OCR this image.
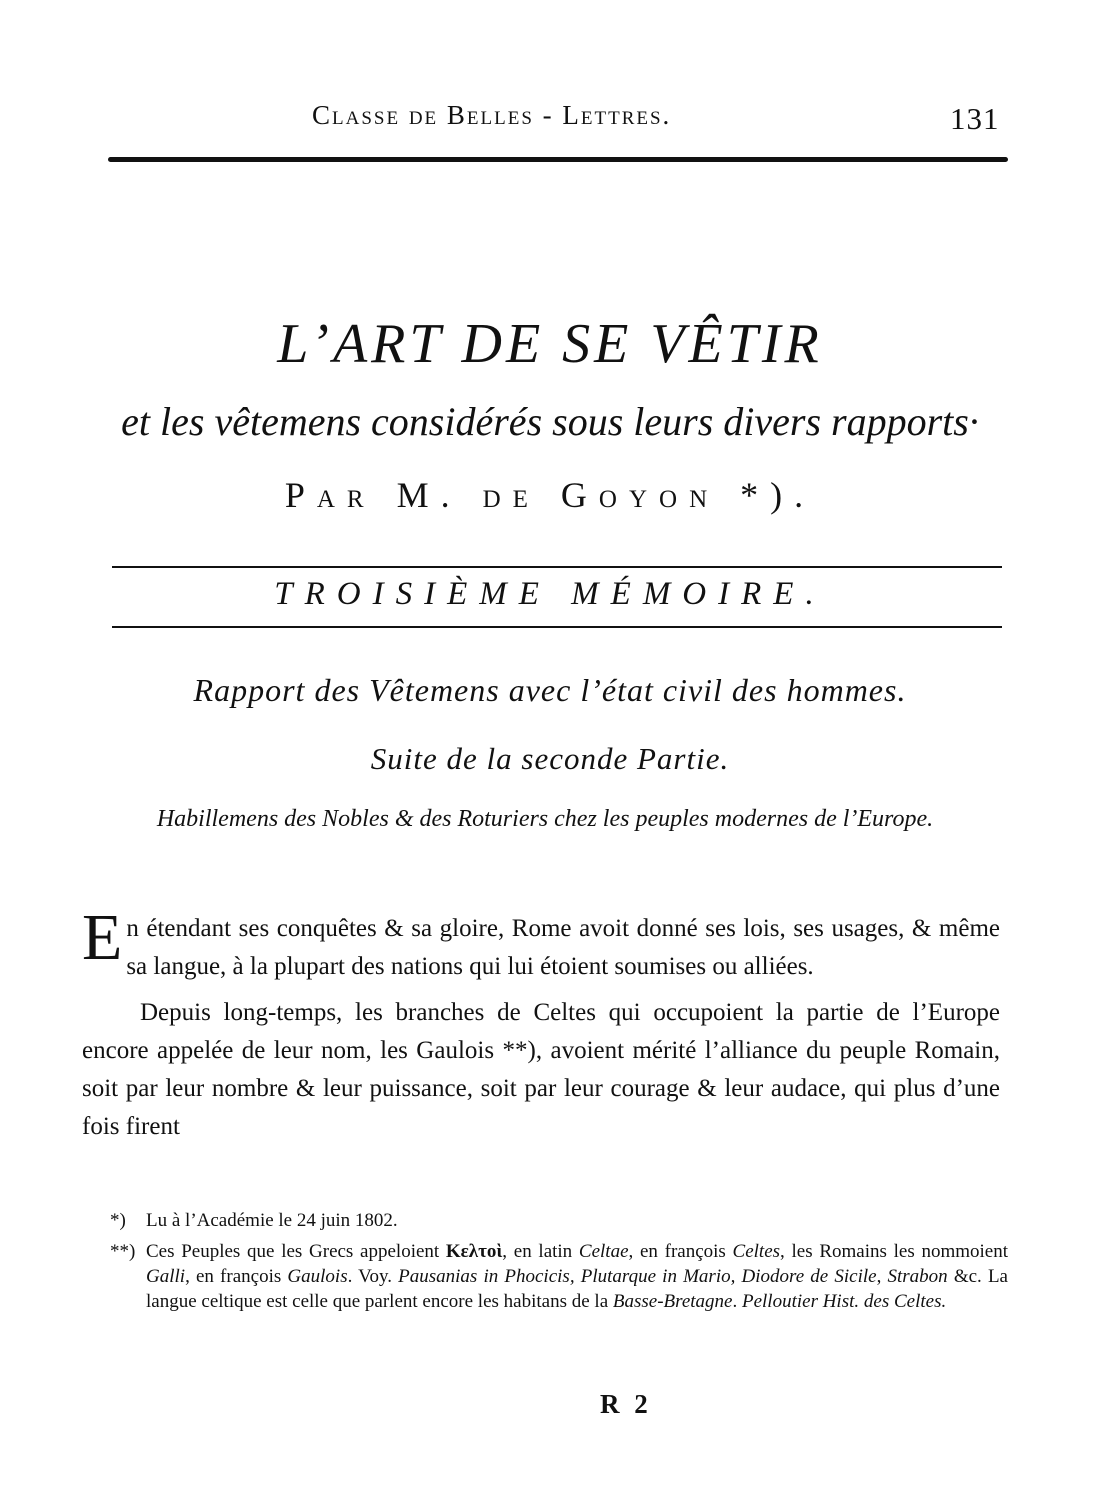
Classe de Belles - Lettres.	131
L’ART DE SE VÊTIR
et les vêtemens considérés sous leurs divers rapports·
Par M. de Goyon *).
TROISIÈME MÉMOIRE.
Rapport des Vêtemens avec l’état civil des hommes.
Suite de la seconde Partie.
Habillemens des Nobles & des Roturiers chez les peuples modernes de l’Europe.

En étendant ses conquêtes & sa gloire, Rome avoit donné ses lois, ses usages, & même sa langue, à la plupart des nations qui lui étoient soumises ou alliées.

Depuis long-temps, les branches de Celtes qui occupoient la partie de l’Europe encore appelée de leur nom, les Gaulois **), avoient mérité l’alliance du peuple Romain, soit par leur nombre & leur puissance, soit par leur courage & leur audace, qui plus d’une fois firent

*) Lu à l’Académie le 24 juin 1802.

**) Ces Peuples que les Grecs appeloient Κελτοὶ, en latin Celtae, en françois Celtes, les Romains les nommoient Galli, en françois Gaulois. Voy. Pausanias in Phocicis, Plutarque in Mario, Diodore de Sicile, Strabon &c. La langue celtique est celle que parlent encore les habitans de la Basse-Bretagne. Pelloutier Hist. des Celtes.

R 2
